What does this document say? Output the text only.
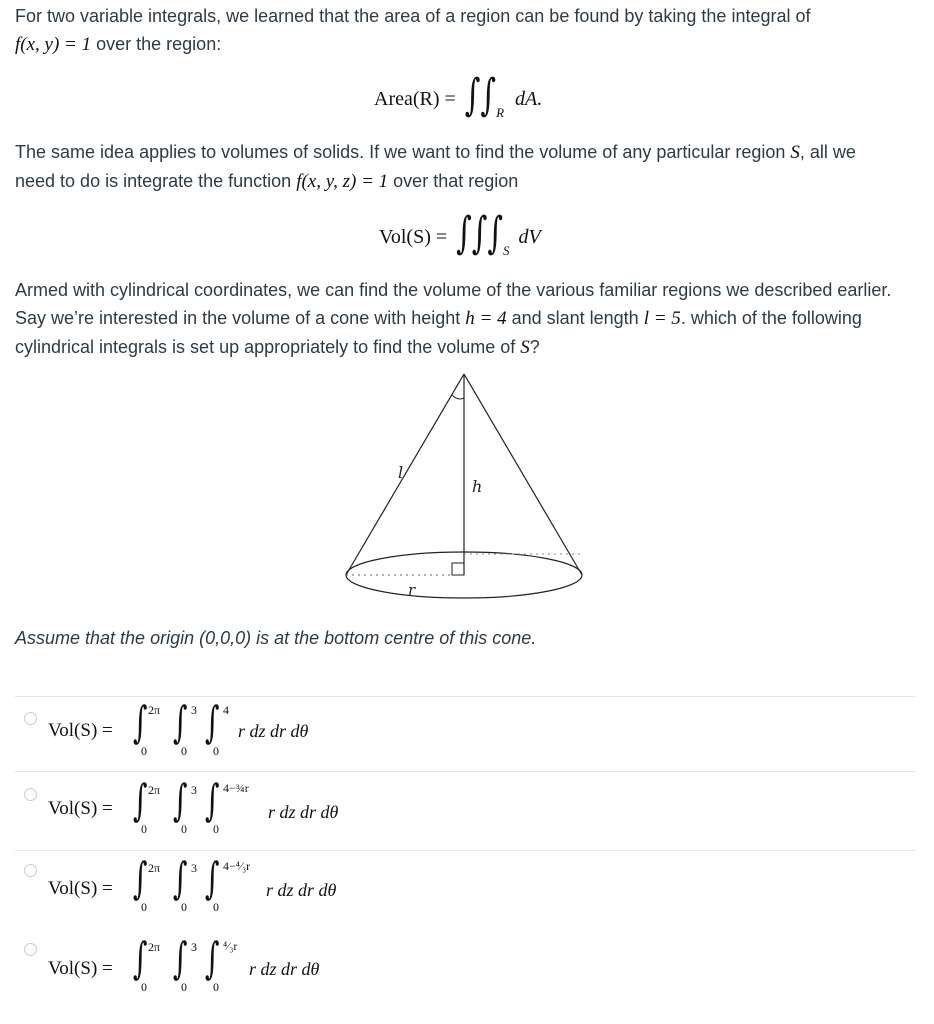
For two variable integrals, we learned that the area of a region can be found by taking the integral of
f(x, y) = 1 over the region:
Area(R) = $\int\int_R$ dA.
The same idea applies to volumes of solids. If we want to find the volume of any particular region S, all we
need to do is integrate the function f(x, y, z) = 1 over that region
$Vol(S) = \int\int\int_S$ dV
Armed with cylindrical coordinates, we can find the volume of the various familiar regions we described earlier.
Say we’re interested in the volume of a cone with height h = 4 and slant length l = 5. which of the following
cylindrical integrals is set up appropriately to find the volume of S?
l
h
r
Assume that the origin (0,0,0) is at the bottom centre of this cone.
Vol(S) = ∫ 2π
0
∫ 3
0
∫ 4
0
r dz dr dθ
Vol(S) = ∫ 2π
0
∫ 3
0
∫ 4−¾r
0
r dz dr dθ
Vol(S) = ∫ 2π
0
∫ 3
0
∫ 4−⁴⁄₃r
0
r dz dr dθ
Vol(S) = ∫ 2π
0
∫ 3
0
∫ ⁴⁄₃r
0
r dz dr dθ
